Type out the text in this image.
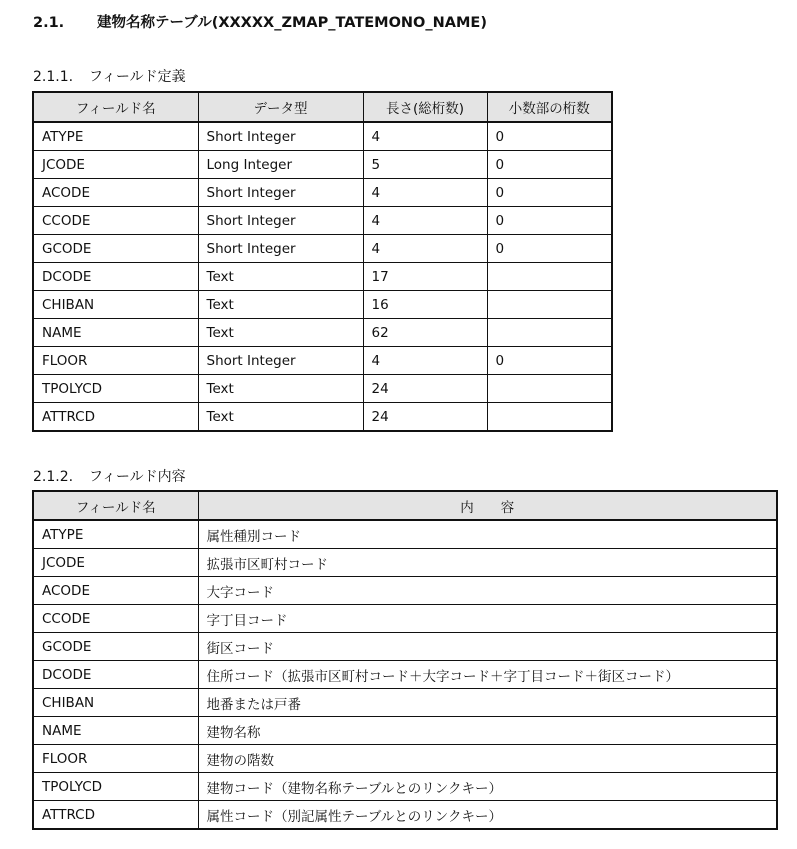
2.1. 建物名称テーブル(XXXXX_ZMAP_TATEMONO_NAME)
2.1.1. フィールド定義
フィールド名	データ型	長さ(総桁数)	小数部の桁数
ATYPE	Short Integer	4	0
JCODE	Long Integer	5	0
ACODE	Short Integer	4	0
CCODE	Short Integer	4	0
GCODE	Short Integer	4	0
DCODE	Text	17	
CHIBAN	Text	16	
NAME	Text	62	
FLOOR	Short Integer	4	0
TPOLYCD	Text	24	
ATTRCD	Text	24	
2.1.2. フィールド内容
フィールド名	内　　容
ATYPE	属性種別コード
JCODE	拡張市区町村コード
ACODE	大字コード
CCODE	字丁目コード
GCODE	街区コード
DCODE	住所コード（拡張市区町村コード＋大字コード＋字丁目コード＋街区コード）
CHIBAN	地番または戸番
NAME	建物名称
FLOOR	建物の階数
TPOLYCD	建物コード（建物名称テーブルとのリンクキー）
ATTRCD	属性コード（別記属性テーブルとのリンクキー）
